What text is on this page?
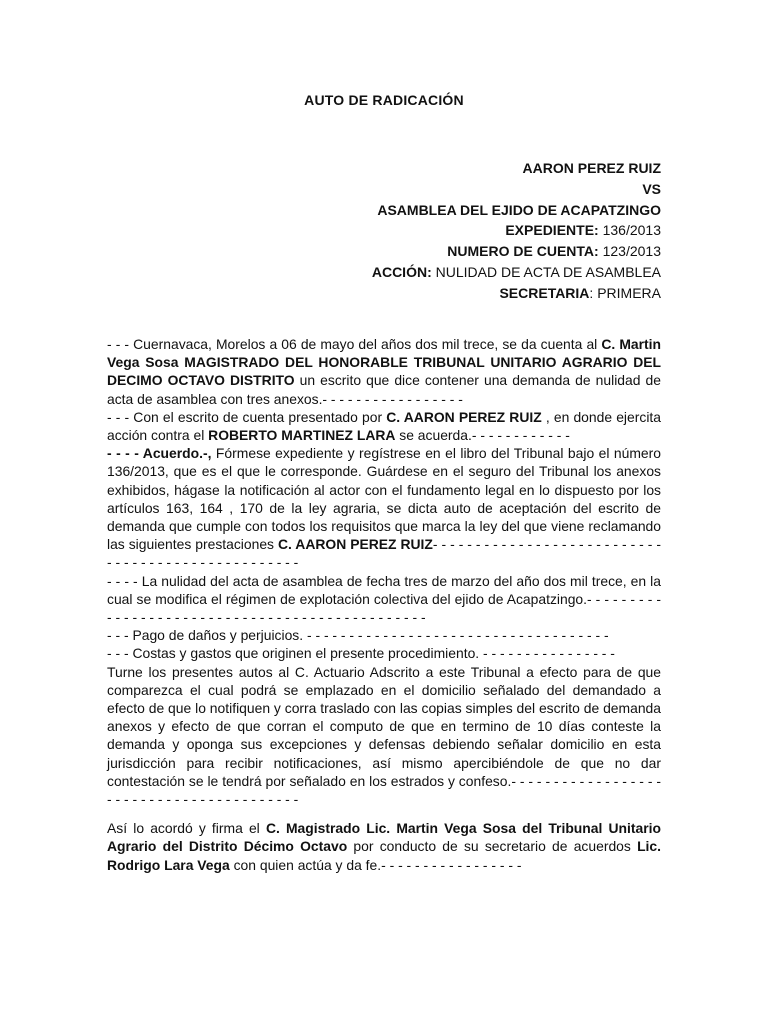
AUTO DE RADICACIÓN
AARON PEREZ RUIZ
VS
ASAMBLEA DEL EJIDO DE ACAPATZINGO
EXPEDIENTE: 136/2013
NUMERO DE CUENTA: 123/2013
ACCIÓN: NULIDAD DE ACTA DE ASAMBLEA
SECRETARIA: PRIMERA

- - - Cuernavaca, Morelos a 06 de mayo del años dos mil trece, se da cuenta al C. Martin Vega Sosa MAGISTRADO DEL HONORABLE TRIBUNAL UNITARIO AGRARIO DEL DECIMO OCTAVO DISTRITO un escrito que dice contener una demanda de nulidad de acta de asamblea con tres anexos.- - - - - - - - - - - - - - - - -

- - - Con el escrito de cuenta presentado por C. AARON PEREZ RUIZ , en donde ejercita acción contra el ROBERTO MARTINEZ LARA se acuerda.- - - - - - - - - - - -

- - - - Acuerdo.-, Fórmese expediente y regístrese en el libro del Tribunal bajo el número 136/2013, que es el que le corresponde. Guárdese en el seguro del Tribunal los anexos exhibidos, hágase la notificación al actor con el fundamento legal en lo dispuesto por los artículos 163, 164 , 170 de la ley agraria, se dicta auto de aceptación del escrito de demanda que cumple con todos los requisitos que marca la ley del que viene reclamando las siguientes prestaciones C. AARON PEREZ RUIZ- - - - - - - - - - - - - - - - - - - - - - - - - - - - - - - - - - - - - - - - - - - - - - - - - -

- - - - La nulidad del acta de asamblea de fecha tres de marzo del año dos mil trece, en la cual se modifica el régimen de explotación colectiva del ejido de Acapatzingo.- - - - - - - - - - - - - - - - - - - - - - - - - - - - - - - - - - - - - - - - - - - - - - -

- - - Pago de daños y perjuicios. - - - - - - - - - - - - - - - - - - - - - - - - - - - - - - - - - - - -

- - - Costas y gastos que originen el presente procedimiento. - - - - - - - - - - - - - - - -

Turne los presentes autos al C. Actuario Adscrito a este Tribunal a efecto para de que comparezca el cual podrá se emplazado en el domicilio señalado del demandado a efecto de que lo notifiquen y corra traslado con las copias simples del escrito de demanda anexos y efecto de que corran el computo de que en termino de 10 días conteste la demanda y oponga sus excepciones y defensas debiendo señalar domicilio en esta jurisdicción para recibir notificaciones, así mismo apercibiéndole de que no dar contestación se le tendrá por señalado en los estrados y confeso.- - - - - - - - - - - - - - - - - - - - - - - - - - - - - - - - - - - - - - - - -

Así lo acordó y firma el C. Magistrado Lic. Martin Vega Sosa del Tribunal Unitario Agrario del Distrito Décimo Octavo por conducto de su secretario de acuerdos Lic. Rodrigo Lara Vega con quien actúa y da fe.- - - - - - - - - - - - - - - - -
